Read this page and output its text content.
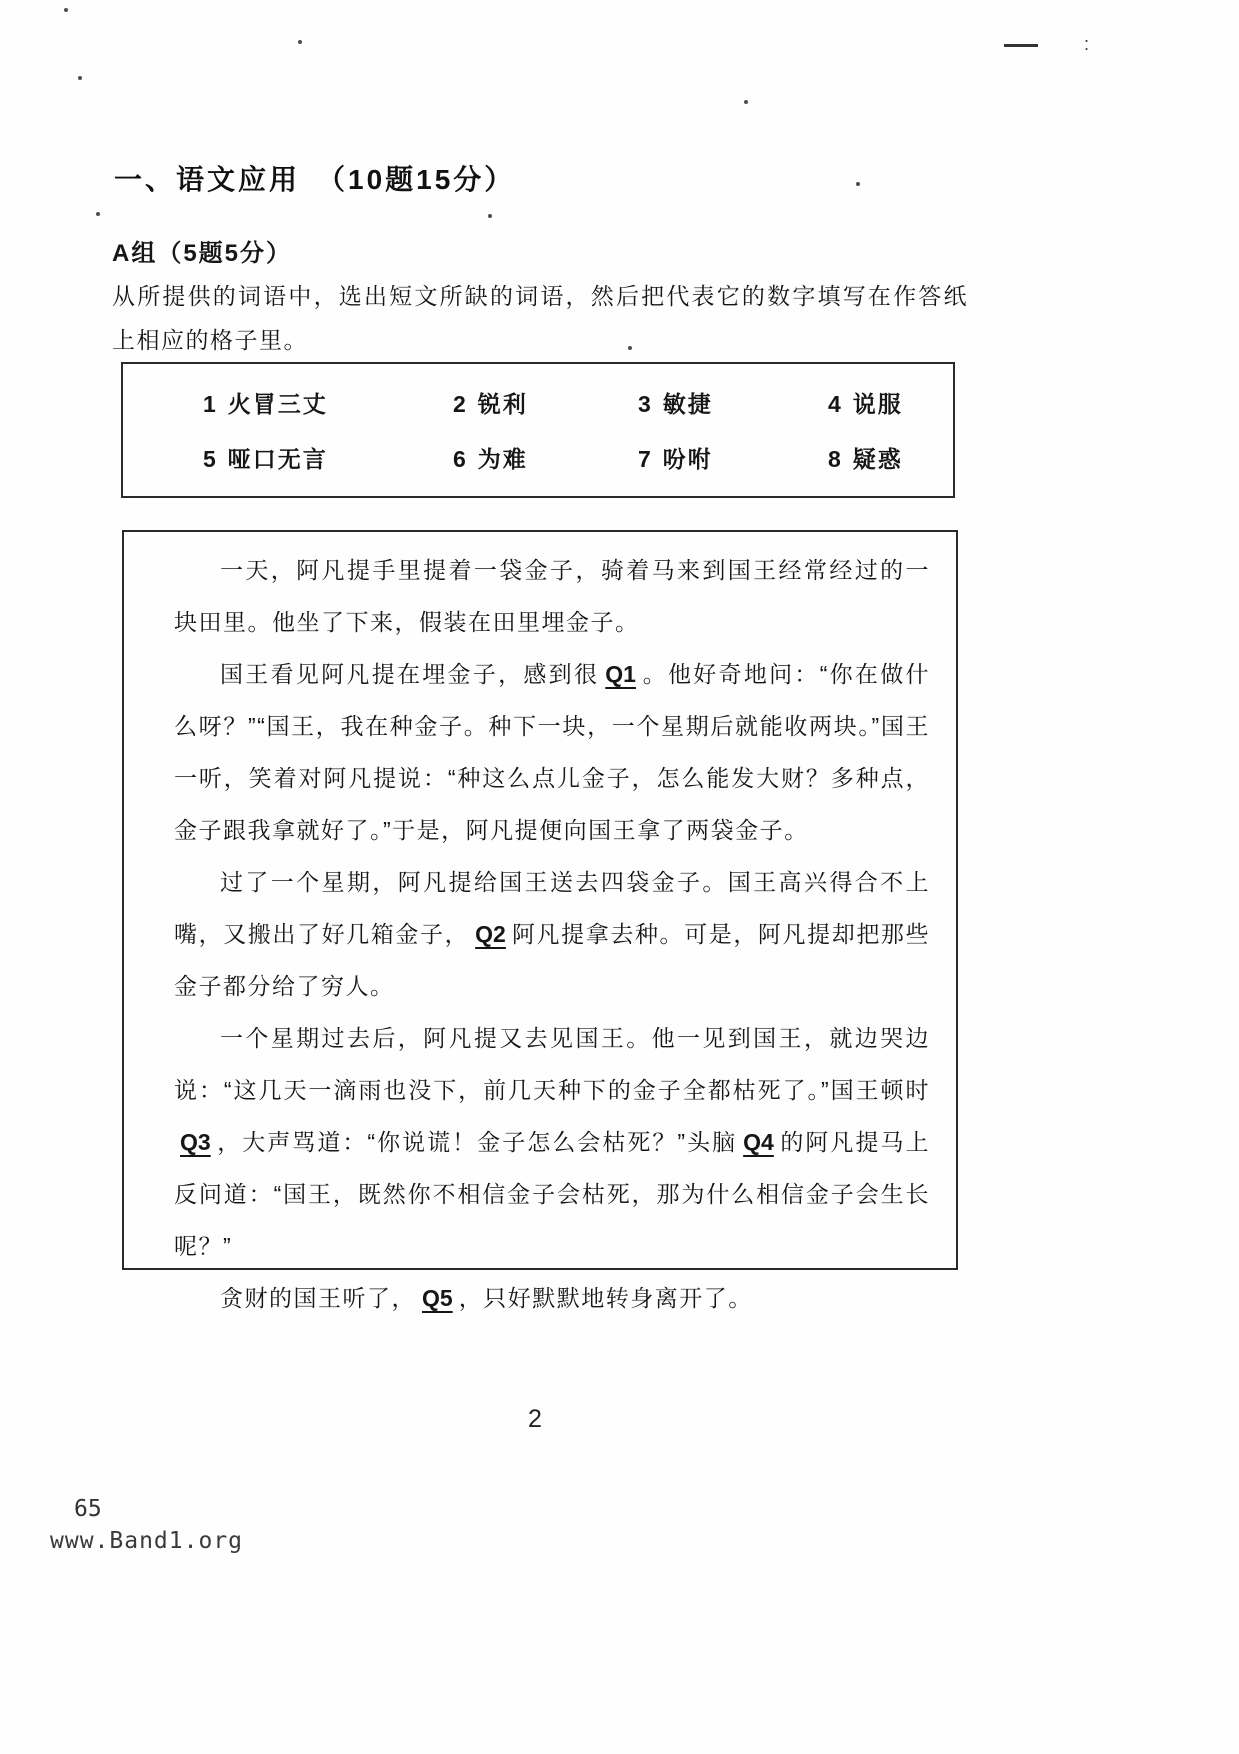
:
一、语文应用　（10题15分）
A组（5题5分）
从所提供的词语中，选出短文所缺的词语，然后把代表它的数字填写在作答纸上相应的格子里。
1 火冒三丈	2 锐利	3 敏捷	4 说服
5 哑口无言	6 为难	7 吩咐	8 疑惑

一天，阿凡提手里提着一袋金子，骑着马来到国王经常经过的一块田里。他坐了下来，假装在田里埋金子。

国王看见阿凡提在埋金子，感到很 Q1 。他好奇地问：“你在做什么呀？”“国王，我在种金子。种下一块，一个星期后就能收两块。”国王一听，笑着对阿凡提说：“种这么点儿金子，怎么能发大财？多种点，金子跟我拿就好了。”于是，阿凡提便向国王拿了两袋金子。

过了一个星期，阿凡提给国王送去四袋金子。国王高兴得合不上嘴，又搬出了好几箱金子， Q2 阿凡提拿去种。可是，阿凡提却把那些金子都分给了穷人。

一个星期过去后，阿凡提又去见国王。他一见到国王，就边哭边说：“这几天一滴雨也没下，前几天种下的金子全都枯死了。”国王顿时Q3 ，大声骂道：“你说谎！金子怎么会枯死？”头脑 Q4 的阿凡提马上反问道：“国王，既然你不相信金子会枯死，那为什么相信金子会生长呢？”

贪财的国王听了， Q5 ，只好默默地转身离开了。

2
65
www.Band1.org
